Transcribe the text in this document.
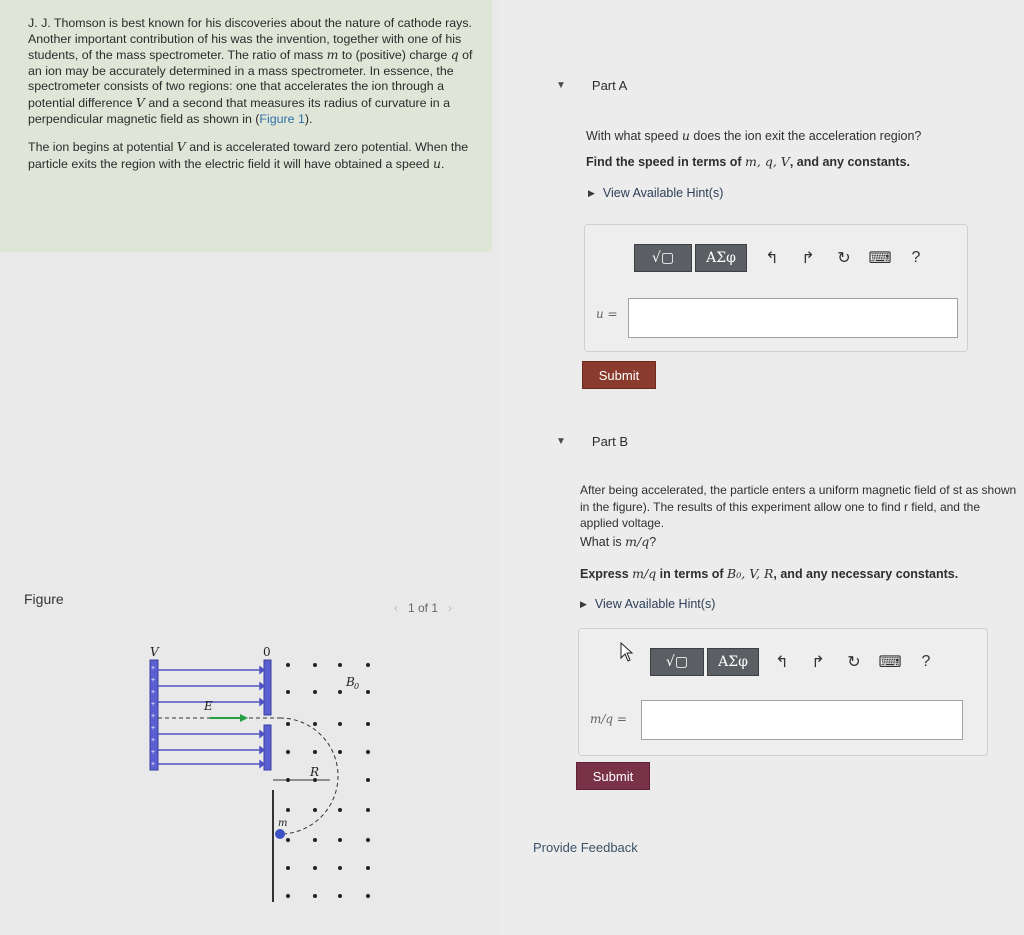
J. J. Thomson is best known for his discoveries about the nature of cathode rays. Another important contribution of his was the invention, together with one of his students, of the mass spectrometer. The ratio of mass m to (positive) charge q of an ion may be accurately determined in a mass spectrometer. In essence, the spectrometer consists of two regions: one that accelerates the ion through a potential difference V and a second that measures its radius of curvature in a perpendicular magnetic field as shown in (Figure 1).

The ion begins at potential V and is accelerated toward zero potential. When the particle exits the region with the electric field it will have obtained a speed u.

Figure
‹ 1 of 1 ›
+
+
+
+
+
+
+
+
+
V	0
E
B 0
R
m
▼ Part A
With what speed u does the ion exit the acceleration region?
Find the speed in terms of m, q, V, and any constants.
▶ View Available Hint(s)
√▢	ΑΣφ	↰	↱	↻	⌨	?
u =
Submit
▼ Part B
After being accelerated, the particle enters a uniform magnetic field of st as shown in the figure). The results of this experiment allow one to find r field, and the applied voltage.
What is m/q?
Express m/q in terms of B₀, V, R, and any necessary constants.
▶ View Available Hint(s)
√▢	ΑΣφ	↰	↱	↻	⌨	?
m/q =
Submit
Provide Feedback
